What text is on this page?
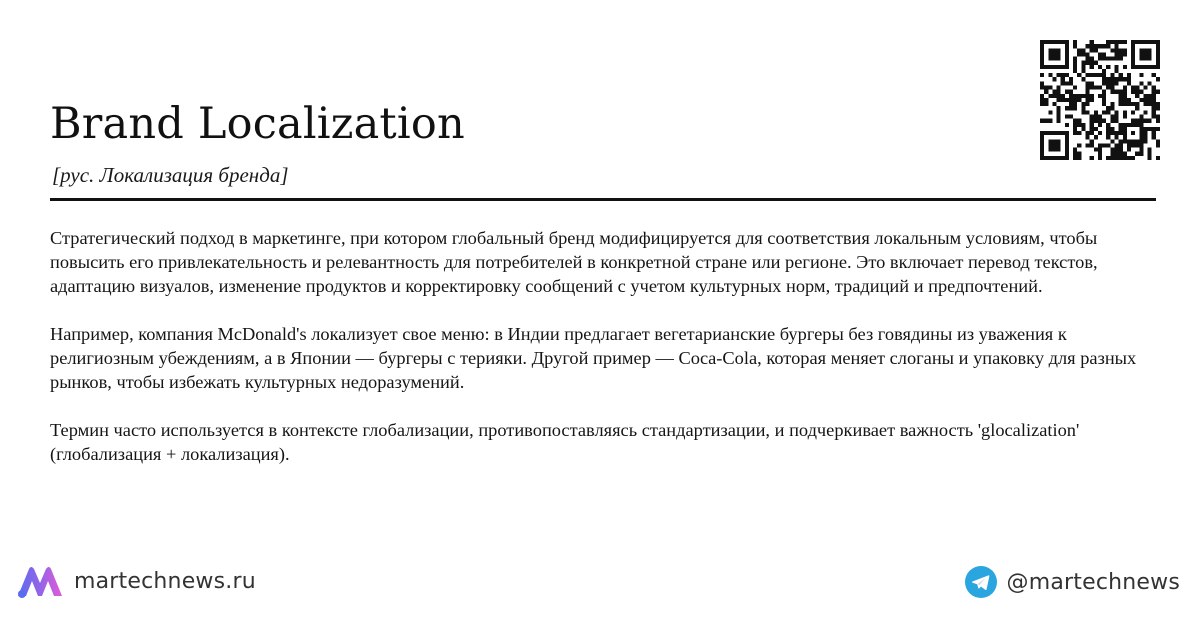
Brand Localization
[рус. Локализация бренда]

Стратегический подход в маркетинге, при котором глобальный бренд модифицируется для соответствия локальным условиям, чтобы повысить его привлекательность и релевантность для потребителей в конкретной стране или регионе. Это включает перевод текстов, адаптацию визуалов, изменение продуктов и корректировку сообщений с учетом культурных норм, традиций и предпочтений.

Например, компания McDonald's локализует свое меню: в Индии предлагает вегетарианские бургеры без говядины из уважения к религиозным убеждениям, а в Японии — бургеры с терияки. Другой пример — Coca-Cola, которая меняет слоганы и упаковку для разных рынков, чтобы избежать культурных недоразумений.

Термин часто используется в контексте глобализации, противопоставляясь стандартизации, и подчеркивает важность 'glocalization' (глобализация + локализация).

martechnews.ru	@martechnews
